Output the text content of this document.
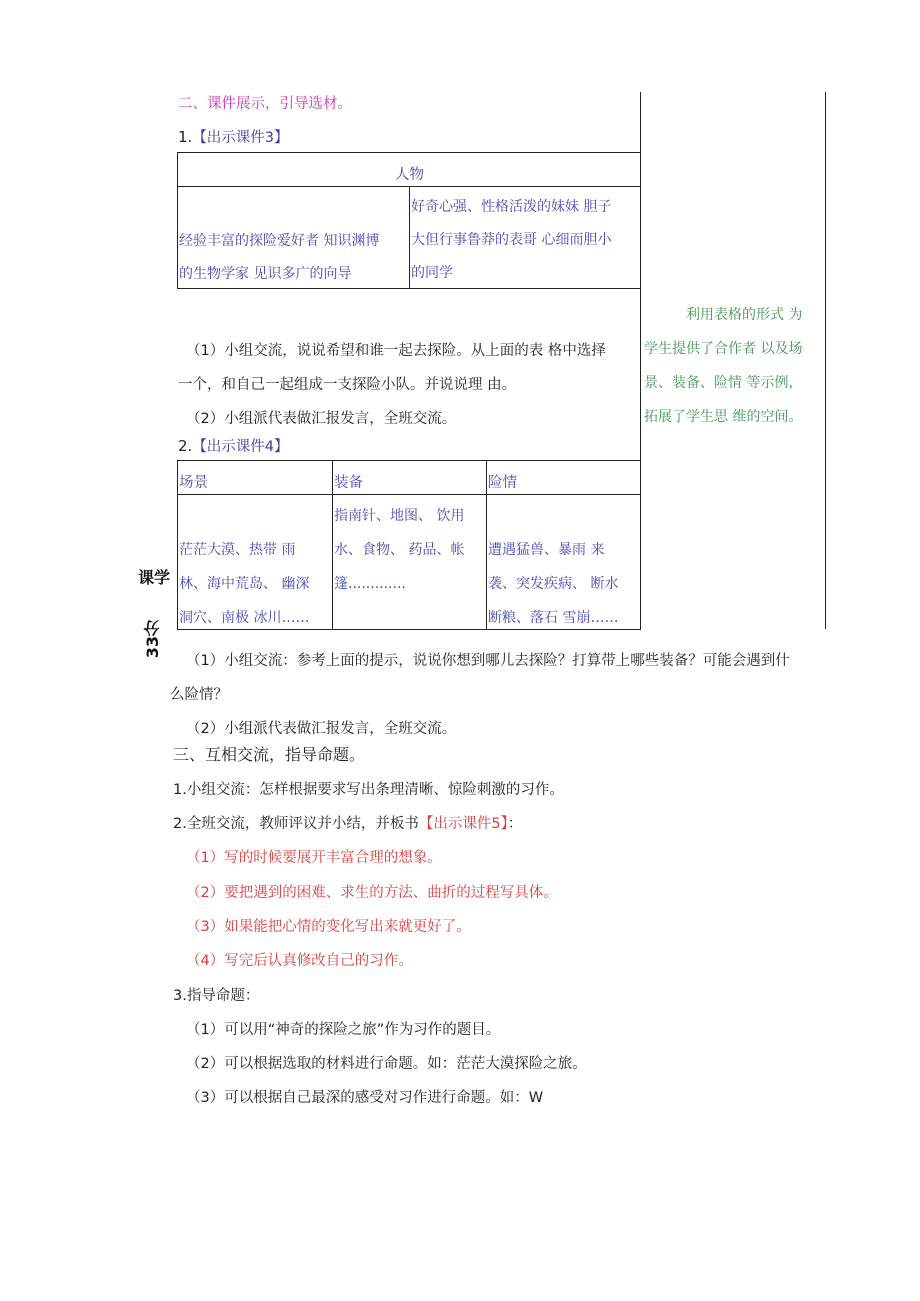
二、课件展示，引导选材。
1.【出示课件3】
人物
经验丰富的探险爱好者 知识渊博
的生物学家 见识多广的向导
好奇心强、性格活泼的妹妹 胆子
大但行事鲁莽的表哥 心细而胆小
的同学
（1）小组交流，说说希望和谁一起去探险。从上面的表 格中选择
一个，和自己一起组成一支探险小队。并说说理 由。
（2）小组派代表做汇报发言，全班交流。
2.【出示课件4】
场景	装备	险情
茫茫大漠、热带 雨
林、海中荒岛、 幽深
洞穴、南极 冰川……
指南针、地图、 饮用
水、食物、 药品、帐
篷.............
遭遇猛兽、暴雨 来
袭、突发疾病、 断水
断粮、落石 雪崩……
利用表格的形式 为
学生提供了合作者 以及场
景、装备、险情 等示例，
拓展了学生思 维的空间。
课学
33分
（1）小组交流：参考上面的提示，说说你想到哪儿去探险？打算带上哪些装备？可能会遇到什
么险情？
（2）小组派代表做汇报发言，全班交流。
三、互相交流，指导命题。
1.小组交流：怎样根据要求写出条理清晰、惊险刺激的习作。
2.全班交流，教师评议并小结，并板书【出示课件5】：
（1）写的时候要展开丰富合理的想象。
（2）要把遇到的困难、求生的方法、曲折的过程写具体。
（3）如果能把心情的变化写出来就更好了。
（4）写完后认真修改自己的习作。
3.指导命题：
（1）可以用“神奇的探险之旅”作为习作的题目。
（2）可以根据选取的材料进行命题。如：茫茫大漠探险之旅。
（3）可以根据自己最深的感受对习作进行命题。如：W
